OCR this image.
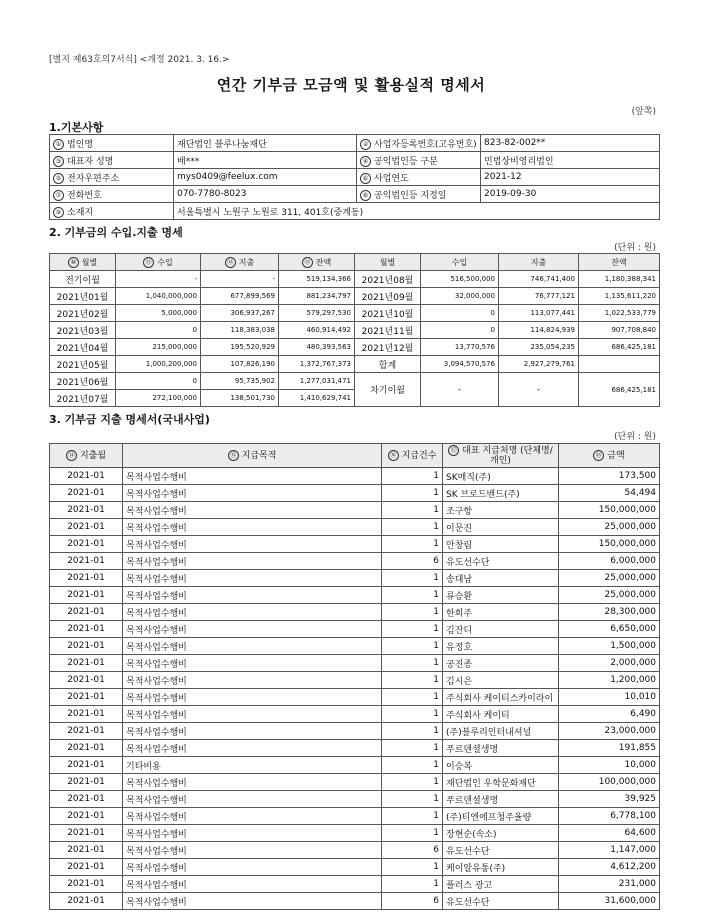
[별지 제63호의7서식] <개정 2021. 3. 16.>
연간 기부금 모금액 및 활용실적 명세서
(앞쪽)
1.기본사항
① 법인명	재단법인 블루나눔재단	② 사업자등록번호(고유번호)	823-82-002**
③ 대표자 성명	배***	④ 공익법인등 구분	민법상비영리법인
⑤ 전자우편주소	mys0409@feelux.com	⑥ 사업연도	2021-12
⑦ 전화번호	070-7780-8023	⑧ 공익법인등 지정일	2019-09-30
⑨ 소재지	서울특별시 노원구 노원로 311, 401호(중계동)		
2. 기부금의 수입.지출 명세
(단위 : 원)
⑩ 월별	⑪ 수입	⑫ 지출	⑬ 잔액	월별	수입	지출	잔액
전기이월	-	-	519,134,366	2021년08월	516,500,000	746,741,400	1,180,388,341
2021년01월	1,040,000,000	677,899,569	881,234,797	2021년09월	32,000,000	76,777,121	1,135,611,220
2021년02월	5,000,000	306,937,267	579,297,530	2021년10월	0	113,077,441	1,022,533,779
2021년03월	0	118,383,038	460,914,492	2021년11월	0	114,824,939	907,708,840
2021년04월	215,000,000	195,520,929	480,393,563	2021년12월	13,770,576	235,054,235	686,425,181
2021년05월	1,000,200,000	107,826,190	1,372,767,373	합계	3,094,570,576	2,927,279,761	
2021년06월	0	95,735,902	1,277,031,471	차기이월	-	-	686,425,181
2021년07월	272,100,000	138,501,730	1,410,629,741				
3. 기부금 지출 명세서(국내사업)
(단위 : 원)
⑭ 지출월	⑮ 지급목적	⑯ 지급건수	⑰ 대표 지급처명 (단체명/개인)	⑱ 금액
2021-01	목적사업수행비	1	SK매직(주)	173,500
2021-01	목적사업수행비	1	SK 브로드밴드(주)	54,494
2021-01	목적사업수행비	1	조구항	150,000,000
2021-01	목적사업수행비	1	이문진	25,000,000
2021-01	목적사업수행비	1	안창림	150,000,000
2021-01	목적사업수행비	6	유도선수단	6,000,000
2021-01	목적사업수행비	1	송대남	25,000,000
2021-01	목적사업수행비	1	류승환	25,000,000
2021-01	목적사업수행비	1	한희주	28,300,000
2021-01	목적사업수행비	1	김잔디	6,650,000
2021-01	목적사업수행비	1	유정호	1,500,000
2021-01	목적사업수행비	1	공진종	2,000,000
2021-01	목적사업수행비	1	김시은	1,200,000
2021-01	목적사업수행비	1	주식회사 케이티스카이라이	10,010
2021-01	목적사업수행비	1	주식회사 케이티	6,490
2021-01	목적사업수행비	1	(주)블루리인터내셔널	23,000,000
2021-01	목적사업수행비	1	푸르덴셜생명	191,855
2021-01	기타비용	1	이승복	10,000
2021-01	목적사업수행비	1	재단법인 우학문화재단	100,000,000
2021-01	목적사업수행비	1	푸르덴셜생명	39,925
2021-01	목적사업수행비	1	(주)티엔에프청주율량	6,778,100
2021-01	목적사업수행비	1	장현순(속소)	64,600
2021-01	목적사업수행비	6	유도선수단	1,147,000
2021-01	목적사업수행비	1	케이알유통(주)	4,612,200
2021-01	목적사업수행비	1	플러스 광고	231,000
2021-01	목적사업수행비	6	유도선수단	31,600,000
